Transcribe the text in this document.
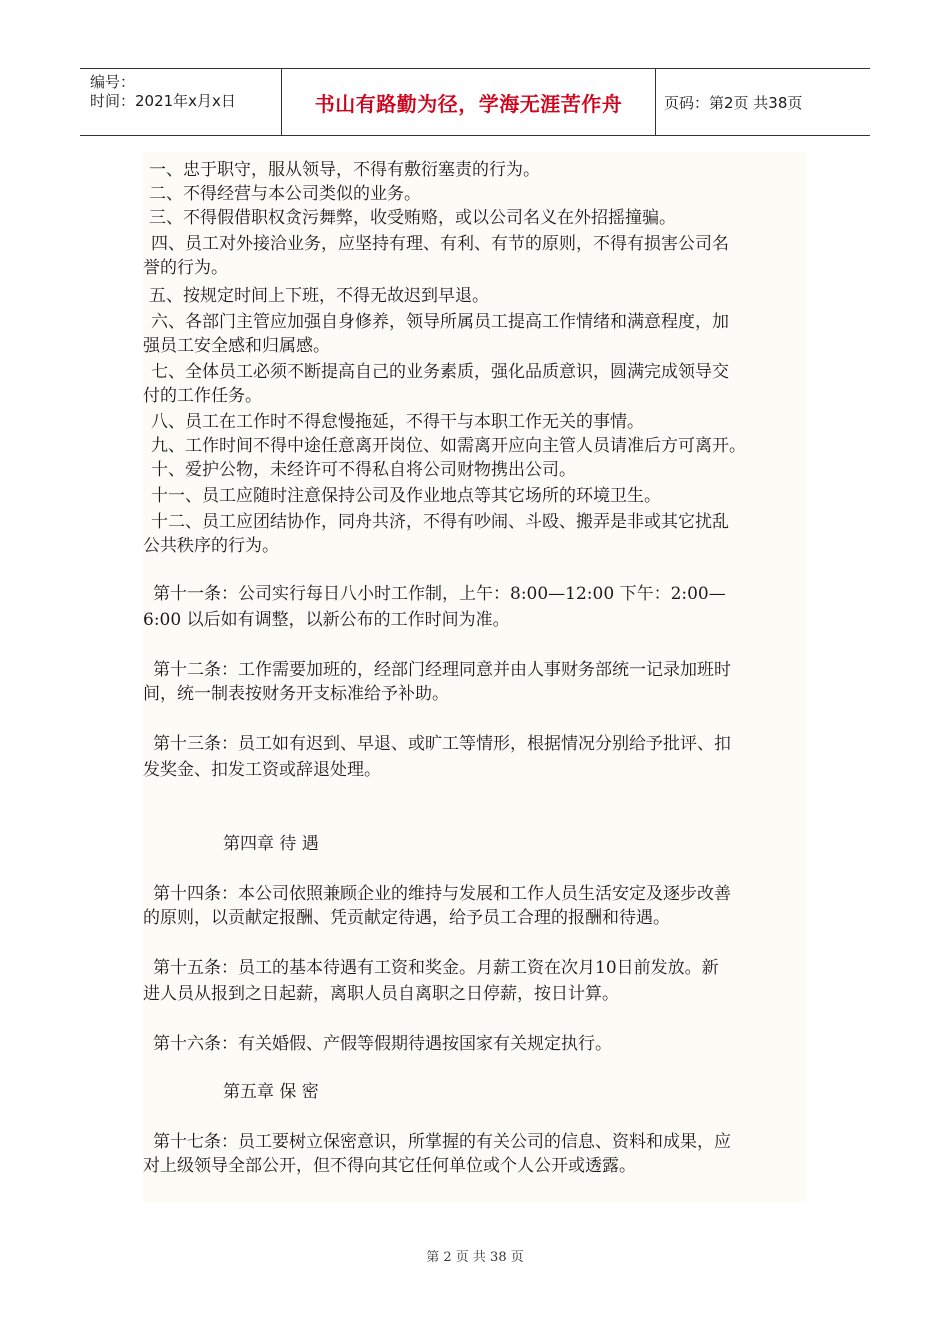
编号：
时间：2021年x月x日	书山有路勤为径，学海无涯苦作舟	页码：第2页 共38页
一、忠于职守，服从领导，不得有敷衍塞责的行为。
二、不得经营与本公司类似的业务。
三、不得假借职权贪污舞弊，收受贿赂，或以公司名义在外招摇撞骗。
四、员工对外接洽业务，应坚持有理、有利、有节的原则，不得有损害公司名
誉的行为。
五、按规定时间上下班，不得无故迟到早退。
六、各部门主管应加强自身修养，领导所属员工提高工作情绪和满意程度，加
强员工安全感和归属感。
七、全体员工必须不断提高自己的业务素质，强化品质意识，圆满完成领导交
付的工作任务。
八、员工在工作时不得怠慢拖延，不得干与本职工作无关的事情。
九、工作时间不得中途任意离开岗位、如需离开应向主管人员请准后方可离开。
十、爱护公物，未经许可不得私自将公司财物携出公司。
十一、员工应随时注意保持公司及作业地点等其它场所的环境卫生。
十二、员工应团结协作，同舟共济，不得有吵闹、斗殴、搬弄是非或其它扰乱
公共秩序的行为。
第十一条：公司实行每日八小时工作制，上午：8:00—12:00 下午：2:00—
6:00 以后如有调整，以新公布的工作时间为准。
第十二条：工作需要加班的，经部门经理同意并由人事财务部统一记录加班时
间，统一制表按财务开支标准给予补助。
第十三条：员工如有迟到、早退、或旷工等情形，根据情况分别给予批评、扣
发奖金、扣发工资或辞退处理。
第四章 待 遇
第十四条：本公司依照兼顾企业的维持与发展和工作人员生活安定及逐步改善
的原则，以贡献定报酬、凭贡献定待遇，给予员工合理的报酬和待遇。
第十五条：员工的基本待遇有工资和奖金。月薪工资在次月10日前发放。新
进人员从报到之日起薪，离职人员自离职之日停薪，按日计算。
第十六条：有关婚假、产假等假期待遇按国家有关规定执行。
第五章 保 密
第十七条：员工要树立保密意识，所掌握的有关公司的信息、资料和成果，应
对上级领导全部公开，但不得向其它任何单位或个人公开或透露。
第 2 页 共 38 页
